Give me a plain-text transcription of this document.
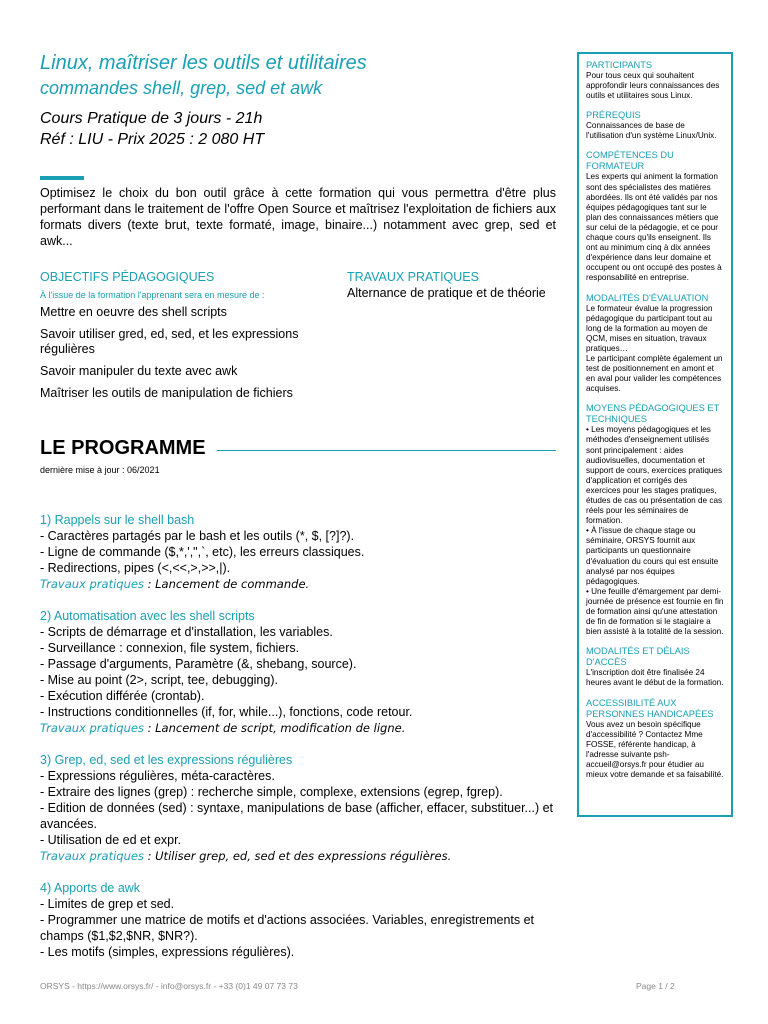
Linux, maîtriser les outils et utilitaires
commandes shell, grep, sed et awk
Cours Pratique de 3 jours - 21h
Réf : LIU - Prix 2025 : 2 080 HT
Optimisez le choix du bon outil grâce à cette formation qui vous permettra d'être plus performant dans le traitement de l'offre Open Source et maîtrisez l'exploitation de fichiers aux formats divers (texte brut, texte formaté, image, binaire...) notamment avec grep, sed et awk...
OBJECTIFS PÉDAGOGIQUES
À l'issue de la formation l'apprenant sera en mesure de :
Mettre en oeuvre des shell scripts
Savoir utiliser gred, ed, sed, et les expressions régulières
Savoir manipuler du texte avec awk
Maîtriser les outils de manipulation de fichiers
TRAVAUX PRATIQUES
Alternance de pratique et de théorie
LE PROGRAMME
dernière mise à jour : 06/2021
1) Rappels sur le shell bash
- Caractères partagés par le bash et les outils (*, $, [?]?).
- Ligne de commande ($,*,',",`, etc), les erreurs classiques.
- Redirections, pipes (<,<<,>,>>,|).
Travaux pratiques : Lancement de commande.
2) Automatisation avec les shell scripts
- Scripts de démarrage et d'installation, les variables.
- Surveillance : connexion, file system, fichiers.
- Passage d'arguments, Paramètre (&, shebang, source).
- Mise au point (2>, script, tee, debugging).
- Exécution différée (crontab).
- Instructions conditionnelles (if, for, while...), fonctions, code retour.
Travaux pratiques : Lancement de script, modification de ligne.
3) Grep, ed, sed et les expressions régulières
- Expressions régulières, méta-caractères.
- Extraire des lignes (grep) : recherche simple, complexe, extensions (egrep, fgrep).
- Edition de données (sed) : syntaxe, manipulations de base (afficher, effacer, substituer...) et avancées.
- Utilisation de ed et expr.
Travaux pratiques : Utiliser grep, ed, sed et des expressions régulières.
4) Apports de awk
- Limites de grep et sed.
- Programmer une matrice de motifs et d'actions associées. Variables, enregistrements et champs ($1,$2,$NR, $NR?).
- Les motifs (simples, expressions régulières).
PARTICIPANTS
Pour tous ceux qui souhaitent approfondir leurs connaissances des outils et utilitaires sous Linux.
PRÉREQUIS
Connaissances de base de l'utilisation d'un système Linux/Unix.
COMPÉTENCES DU FORMATEUR
Les experts qui animent la formation sont des spécialistes des matières abordées. Ils ont été validés par nos équipes pédagogiques tant sur le plan des connaissances métiers que sur celui de la pédagogie, et ce pour chaque cours qu'ils enseignent. Ils ont au minimum cinq à dix années d'expérience dans leur domaine et occupent ou ont occupé des postes à responsabilité en entreprise.
MODALITÉS D'ÉVALUATION
Le formateur évalue la progression pédagogique du participant tout au long de la formation au moyen de QCM, mises en situation, travaux pratiques…
Le participant complète également un test de positionnement en amont et en aval pour valider les compétences acquises.
MOYENS PÉDAGOGIQUES ET TECHNIQUES
• Les moyens pédagogiques et les méthodes d'enseignement utilisés sont principalement : aides audiovisuelles, documentation et support de cours, exercices pratiques d'application et corrigés des exercices pour les stages pratiques, études de cas ou présentation de cas réels pour les séminaires de formation.
• À l'issue de chaque stage ou séminaire, ORSYS fournit aux participants un questionnaire d'évaluation du cours qui est ensuite analysé par nos équipes pédagogiques.
• Une feuille d'émargement par demi-journée de présence est fournie en fin de formation ainsi qu'une attestation de fin de formation si le stagiaire a bien assisté à la totalité de la session.
MODALITÉS ET DÉLAIS D'ACCÈS
L'inscription doit être finalisée 24 heures avant le début de la formation.
ACCESSIBILITÉ AUX PERSONNES HANDICAPÉES
Vous avez un besoin spécifique d'accessibilité ? Contactez Mme FOSSE, référente handicap, à l'adresse suivante psh-accueil@orsys.fr pour étudier au mieux votre demande et sa faisabilité.
ORSYS - https://www.orsys.fr/ - info@orsys.fr - +33 (0)1 49 07 73 73	Page 1 / 2
